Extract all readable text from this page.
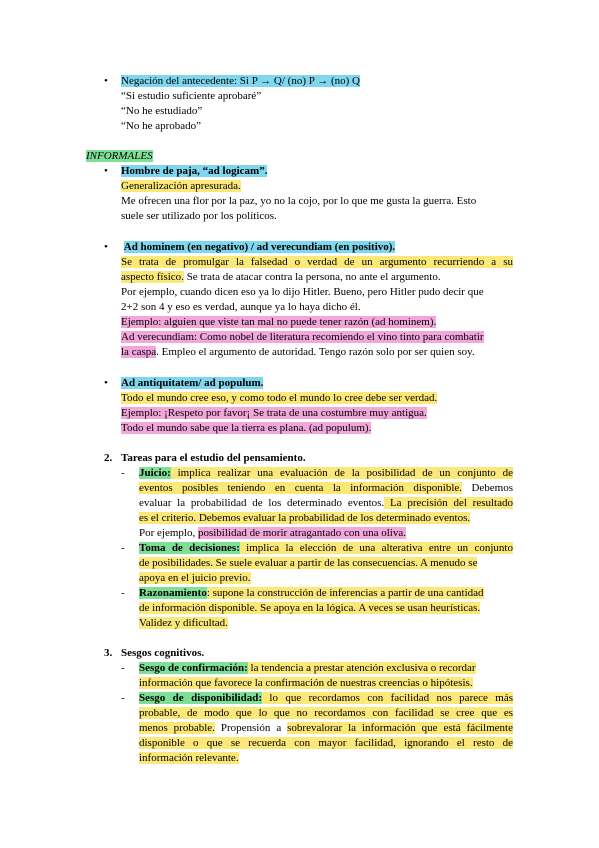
• Negación del antecedente: Si P → Q/ (no) P → (no) Q
“Si estudio suficiente aprobaré”
“No he estudiado”
“No he aprobado”
INFORMALES
• Hombre de paja, “ad logicam”.
Generalización apresurada.
Me ofrecen una flor por la paz, yo no la cojo, por lo que me gusta la guerra. Esto
suele ser utilizado por los políticos.
• Ad hominem (en negativo) / ad verecundiam (en positivo).
Se trata de promulgar la falsedad o verdad de un argumento recurriendo a su
aspecto físico. Se trata de atacar contra la persona, no ante el argumento.
Por ejemplo, cuando dicen eso ya lo dijo Hitler. Bueno, pero Hitler pudo decir que
2+2 son 4 y eso es verdad, aunque ya lo haya dicho él.
Ejemplo: alguien que viste tan mal no puede tener razón (ad hominem).
Ad verecundiam: Como nobel de literatura recomiendo el vino tinto para combatir
la caspa. Empleo el argumento de autoridad. Tengo razón solo por ser quien soy.
• Ad antiquitatem/ ad populum.
Todo el mundo cree eso, y como todo el mundo lo cree debe ser verdad.
Ejemplo: ¡Respeto por favor¡ Se trata de una costumbre muy antigua.
Todo el mundo sabe que la tierra es plana. (ad populum).
2. Tareas para el estudio del pensamiento.
- Juicio: implica realizar una evaluación de la posibilidad de un conjunto de
eventos posibles teniendo en cuenta la información disponible. Debemos
evaluar la probabilidad de los determinado eventos. La precisión del resultado
es el criterio. Debemos evaluar la probabilidad de los determinado eventos.
Por ejemplo, posibilidad de morir atragantado con una oliva.
- Toma de decisiones: implica la elección de una alterativa entre un conjunto
de posibilidades. Se suele evaluar a partir de las consecuencias. A menudo se
apoya en el juicio previo.
- Razonamiento: supone la construcción de inferencias a partir de una cantidad
de información disponible. Se apoya en la lógica. A veces se usan heurísticas.
Validez y dificultad.
3. Sesgos cognitivos.
- Sesgo de confirmación: la tendencia a prestar atención exclusiva o recordar
información que favorece la confirmación de nuestras creencias o hipótesis.
- Sesgo de disponibilidad: lo que recordamos con facilidad nos parece más
probable, de modo que lo que no recordamos con facilidad se cree que es
menos probable. Propensión a sobrevalorar la información que está fácilmente
disponible o que se recuerda con mayor facilidad, ignorando el resto de
información relevante.
